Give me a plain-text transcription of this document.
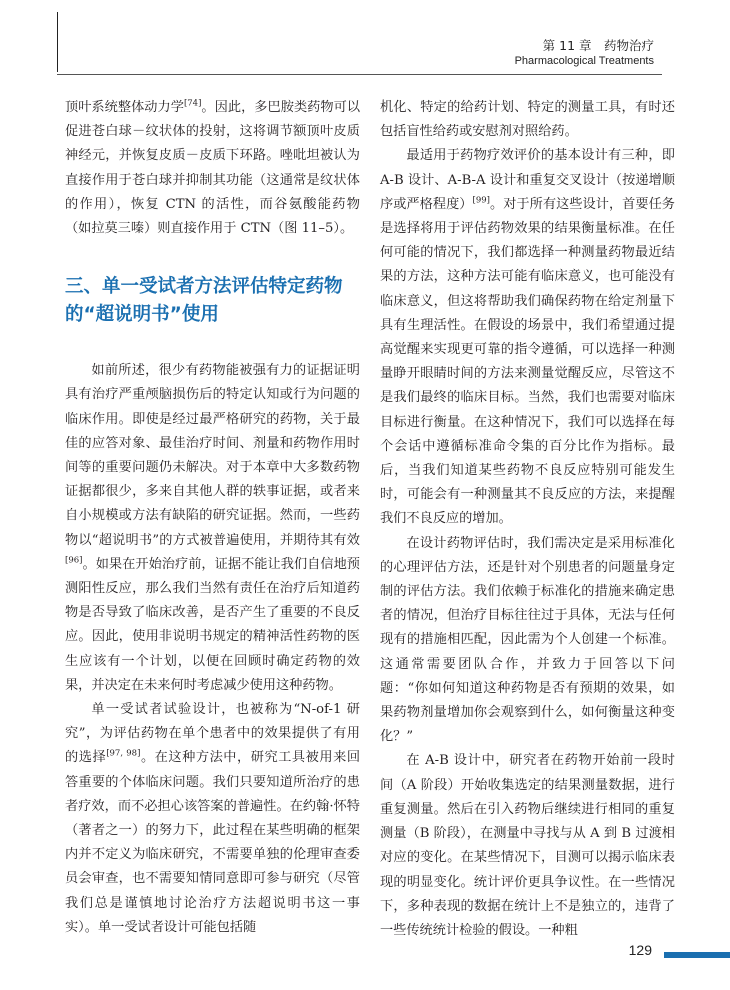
第 11 章　药物治疗
Pharmacological Treatments

顶叶系统整体动力学[74]。因此，多巴胺类药物可以促进苍白球－纹状体的投射，这将调节额顶叶皮质神经元，并恢复皮质－皮质下环路。唑吡坦被认为直接作用于苍白球并抑制其功能（这通常是纹状体的作用），恢复 CTN 的活性，而谷氨酸能药物（如拉莫三嗪）则直接作用于 CTN（图 11–5）。

三、单一受试者方法评估特定药物的“超说明书”使用

如前所述，很少有药物能被强有力的证据证明具有治疗严重颅脑损伤后的特定认知或行为问题的临床作用。即使是经过最严格研究的药物，关于最佳的应答对象、最佳治疗时间、剂量和药物作用时间等的重要问题仍未解决。对于本章中大多数药物证据都很少，多来自其他人群的轶事证据，或者来自小规模或方法有缺陷的研究证据。然而，一些药物以“超说明书”的方式被普遍使用，并期待其有效[96]。如果在开始治疗前，证据不能让我们自信地预测阳性反应，那么我们当然有责任在治疗后知道药物是否导致了临床改善，是否产生了重要的不良反应。因此，使用非说明书规定的精神活性药物的医生应该有一个计划，以便在回顾时确定药物的效果，并决定在未来何时考虑减少使用这种药物。

单一受试者试验设计，也被称为“N-of-1 研究”，为评估药物在单个患者中的效果提供了有用的选择[97, 98]。在这种方法中，研究工具被用来回答重要的个体临床问题。我们只要知道所治疗的患者疗效，而不必担心该答案的普遍性。在约翰·怀特（著者之一）的努力下，此过程在某些明确的框架内并不定义为临床研究，不需要单独的伦理审查委员会审查，也不需要知情同意即可参与研究（尽管我们总是谨慎地讨论治疗方法超说明书这一事实）。单一受试者设计可能包括随

机化、特定的给药计划、特定的测量工具，有时还包括盲性给药或安慰剂对照给药。

最适用于药物疗效评价的基本设计有三种，即 A-B 设计、A-B-A 设计和重复交叉设计（按递增顺序或严格程度）[99]。对于所有这些设计，首要任务是选择将用于评估药物效果的结果衡量标准。在任何可能的情况下，我们都选择一种测量药物最近结果的方法，这种方法可能有临床意义，也可能没有临床意义，但这将帮助我们确保药物在给定剂量下具有生理活性。在假设的场景中，我们希望通过提高觉醒来实现更可靠的指令遵循，可以选择一种测量睁开眼睛时间的方法来测量觉醒反应，尽管这不是我们最终的临床目标。当然，我们也需要对临床目标进行衡量。在这种情况下，我们可以选择在每个会话中遵循标准命令集的百分比作为指标。最后，当我们知道某些药物不良反应特别可能发生时，可能会有一种测量其不良反应的方法，来提醒我们不良反应的增加。

在设计药物评估时，我们需决定是采用标准化的心理评估方法，还是针对个别患者的问题量身定制的评估方法。我们依赖于标准化的措施来确定患者的情况，但治疗目标往往过于具体，无法与任何现有的措施相匹配，因此需为个人创建一个标准。这通常需要团队合作，并致力于回答以下问题：“你如何知道这种药物是否有预期的效果，如果药物剂量增加你会观察到什么，如何衡量这种变化？”

在 A-B 设计中，研究者在药物开始前一段时间（A 阶段）开始收集选定的结果测量数据，进行重复测量。然后在引入药物后继续进行相同的重复测量（B 阶段），在测量中寻找与从 A 到 B 过渡相对应的变化。在某些情况下，目测可以揭示临床表现的明显变化。统计评价更具争议性。在一些情况下，多种表现的数据在统计上不是独立的，违背了一些传统统计检验的假设。一种粗

129
